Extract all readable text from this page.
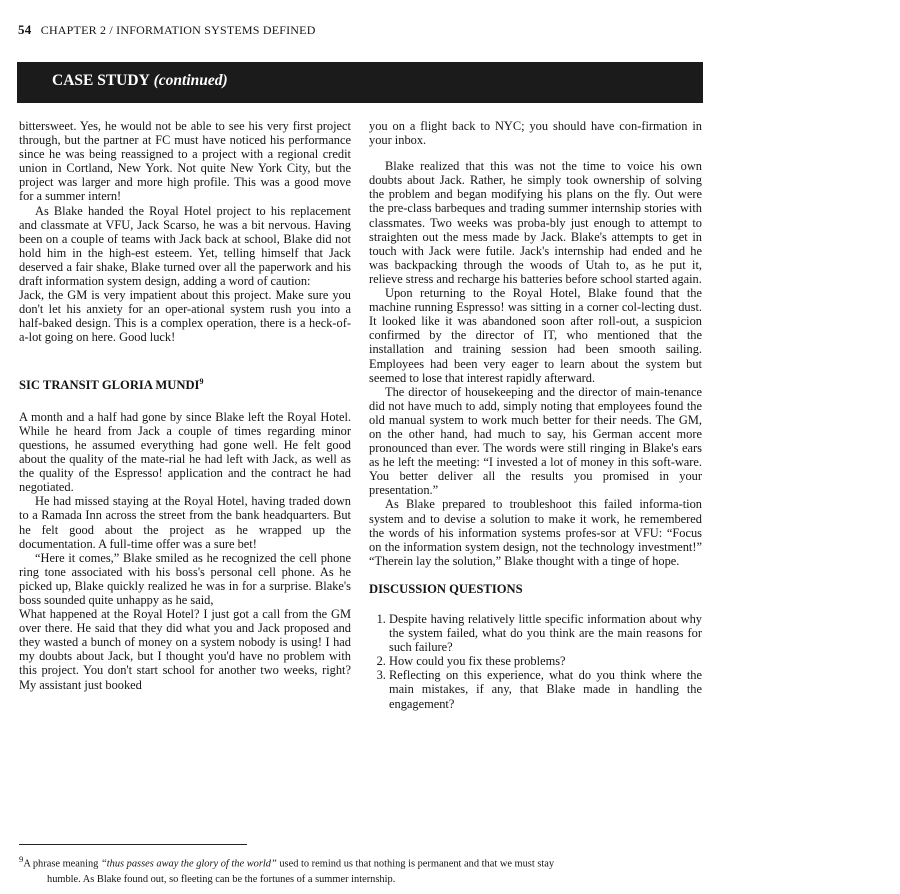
54 CHAPTER 2 / INFORMATION SYSTEMS DEFINED
CASE STUDY (continued)

bittersweet. Yes, he would not be able to see his very first project through, but the partner at FC must have noticed his performance since he was being reassigned to a project with a regional credit union in Cortland, New York. Not quite New York City, but the project was larger and more high profile. This was a good move for a summer intern!

As Blake handed the Royal Hotel project to his replacement and classmate at VFU, Jack Scarso, he was a bit nervous. Having been on a couple of teams with Jack back at school, Blake did not hold him in the high-est esteem. Yet, telling himself that Jack deserved a fair shake, Blake turned over all the paperwork and his draft information system design, adding a word of caution:

Jack, the GM is very impatient about this project. Make sure you don't let his anxiety for an oper-ational system rush you into a half-baked design. This is a complex operation, there is a heck-of-a-lot going on here. Good luck!

SIC TRANSIT GLORIA MUNDI$^9$

A month and a half had gone by since Blake left the Royal Hotel. While he heard from Jack a couple of times regarding minor questions, he assumed everything had gone well. He felt good about the quality of the mate-rial he had left with Jack, as well as the quality of the Espresso! application and the contract he had negotiated.

He had missed staying at the Royal Hotel, having traded down to a Ramada Inn across the street from the bank headquarters. But he felt good about the project as he wrapped up the documentation. A full-time offer was a sure bet!

“Here it comes,” Blake smiled as he recognized the cell phone ring tone associated with his boss's personal cell phone. As he picked up, Blake quickly realized he was in for a surprise. Blake's boss sounded quite unhappy as he said,

What happened at the Royal Hotel? I just got a call from the GM over there. He said that they did what you and Jack proposed and they wasted a bunch of money on a system nobody is using! I had my doubts about Jack, but I thought you'd have no problem with this project. You don't start school for another two weeks, right? My assistant just booked

you on a flight back to NYC; you should have con-firmation in your inbox.

Blake realized that this was not the time to voice his own doubts about Jack. Rather, he simply took ownership of solving the problem and began modifying his plans on the fly. Out were the pre-class barbeques and trading summer internship stories with classmates. Two weeks was proba-bly just enough to attempt to straighten out the mess made by Jack. Blake's attempts to get in touch with Jack were futile. Jack's internship had ended and he was backpacking through the woods of Utah to, as he put it, relieve stress and recharge his batteries before school started again.

Upon returning to the Royal Hotel, Blake found that the machine running Espresso! was sitting in a corner col-lecting dust. It looked like it was abandoned soon after roll-out, a suspicion confirmed by the director of IT, who mentioned that the installation and training session had been smooth sailing. Employees had been very eager to learn about the system but seemed to lose that interest rapidly afterward.

The director of housekeeping and the director of main-tenance did not have much to add, simply noting that employees found the old manual system to work much better for their needs. The GM, on the other hand, had much to say, his German accent more pronounced than ever. The words were still ringing in Blake's ears as he left the meeting: “I invested a lot of money in this soft-ware. You better deliver all the results you promised in your presentation.”

As Blake prepared to troubleshoot this failed informa-tion system and to devise a solution to make it work, he remembered the words of his information systems profes-sor at VFU: “Focus on the information system design, not the technology investment!” “Therein lay the solution,” Blake thought with a tinge of hope.

DISCUSSION QUESTIONS
1. Despite having relatively little specific information about why the system failed, what do you think are the main reasons for such failure?
2. How could you fix these problems?
3. Reflecting on this experience, what do you think where the main mistakes, if any, that Blake made in handling the engagement?
$^9$A phrase meaning “thus passes away the glory of the world” used to remind us that nothing is permanent and that we must stay
humble. As Blake found out, so fleeting can be the fortunes of a summer internship.
